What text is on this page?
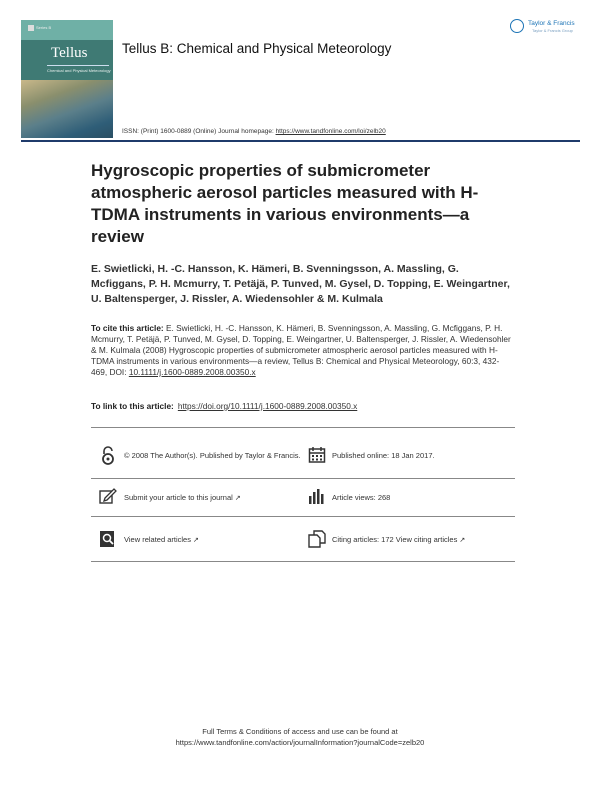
Series B
Tellus
Chemical and Physical Meteorology
Tellus B: Chemical and Physical Meteorology
Taylor & Francis
Taylor & Francis Group
ISSN: (Print) 1600-0889 (Online) Journal homepage: https://www.tandfonline.com/loi/zelb20
Hygroscopic properties of submicrometer atmospheric aerosol particles measured with H-TDMA instruments in various environments—a review
E. Swietlicki, H. -C. Hansson, K. Hämeri, B. Svenningsson, A. Massling, G. Mcfiggans, P. H. Mcmurry, T. Petäjä, P. Tunved, M. Gysel, D. Topping, E. Weingartner, U. Baltensperger, J. Rissler, A. Wiedensohler & M. Kulmala
To cite this article: E. Swietlicki, H. -C. Hansson, K. Hämeri, B. Svenningsson, A. Massling, G. Mcfiggans, P. H. Mcmurry, T. Petäjä, P. Tunved, M. Gysel, D. Topping, E. Weingartner, U. Baltensperger, J. Rissler, A. Wiedensohler & M. Kulmala (2008) Hygroscopic properties of submicrometer atmospheric aerosol particles measured with H-TDMA instruments in various environments—a review, Tellus B: Chemical and Physical Meteorology, 60:3, 432-469, DOI: 10.1111/j.1600-0889.2008.00350.x
To link to this article: https://doi.org/10.1111/j.1600-0889.2008.00350.x
© 2008 The Author(s). Published by Taylor & Francis.	Published online: 18 Jan 2017.
Submit your article to this journal ↗	Article views: 268
View related articles ↗	Citing articles: 172 View citing articles ↗
Full Terms & Conditions of access and use can be found at
https://www.tandfonline.com/action/journalInformation?journalCode=zelb20
